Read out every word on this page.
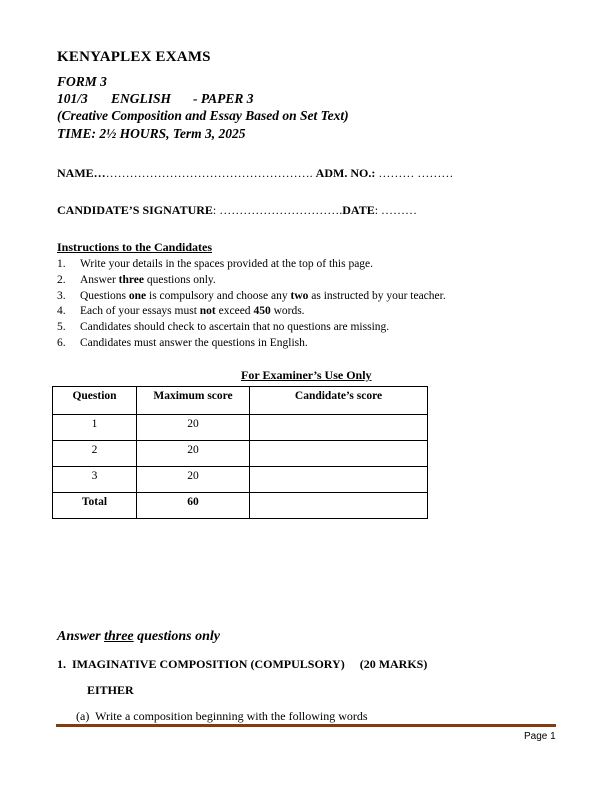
KENYAPLEX EXAMS
FORM 3
101/3 ENGLISH - PAPER 3
(Creative Composition and Essay Based on Set Text)
TIME: 2½ HOURS, Term 3, 2025
NAME………………………………………………. ADM. NO.: ……… ………
CANDIDATE’S SIGNATURE: ………………………….DATE: ………
Instructions to the Candidates
1. Write your details in the spaces provided at the top of this page.
2. Answer three questions only.
3. Questions one is compulsory and choose any two as instructed by your teacher.
4. Each of your essays must not exceed 450 words.
5. Candidates should check to ascertain that no questions are missing.
6. Candidates must answer the questions in English.
For Examiner’s Use Only
Question	Maximum score	Candidate’s score
1	20	
2	20	
3	20	
Total	60	
Answer three questions only
1.  IMAGINATIVE COMPOSITION (COMPULSORY)     (20 MARKS)
EITHER
(a)  Write a composition beginning with the following words
Page 1
